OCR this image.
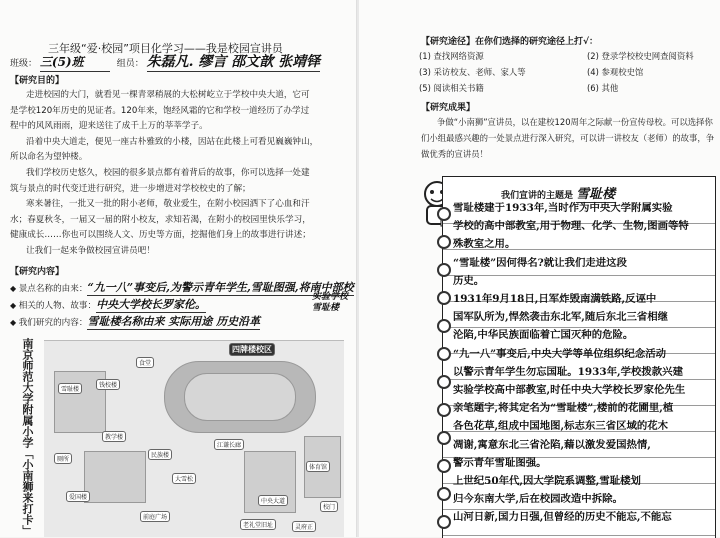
三年级“爱·校园”项目化学习——我是校园宣讲员
班级： 三(5)班	组员： 朱磊凡. 缪言 邵文歆 张靖铎
【研究目的】
走进校园的大门，就看见一棵青翠稍展的大松树屹立于学校中央大道，它可
是学校120年历史的见证者。120年来，饱经风霜的它和学校一道经历了办学过
程中的风风雨雨，迎来送往了成千上万的莘莘学子。
沿着中央大道走，便见一座古朴雅致的小楼，因站在此楼上可看见巍巍钟山，
所以命名为望钟楼。
我们学校历史悠久，校园的很多景点都有着背后的故事，你可以选择一处建
筑与景点的时代变迁进行研究，进一步增进对学校校史的了解；
寒来暑往，一批又一批的附小老师，敬业爱生，在附小校园洒下了心血和汗
水；春夏秋冬，一届又一届的附小校友，求知若渴，在附小的校园里快乐学习，
健康成长……你也可以围绕人文、历史等方面，挖掘他们身上的故事进行讲述；
让我们一起来争做校园宣讲员吧！
【研究内容】
◆ 景点名称的由来：“九一八”事变后,为警示青年学生,雪耻图强,将南中部校
◆ 相关的人物、故事：中央大学校长罗家伦。
◆ 我们研究的内容：雪耻楼名称由来 实际用途 历史沿革
实验学校雪耻楼
南京师范大学附属小学「小南狮来打卡」	雪耻楼
钱校楼
食堂
教学楼
江谦长廊
民族楼
中央大道
大雪松
老礼堂旧址	灵府正
爱国楼
厕所
前庭广场
体育馆
校门
四牌楼校区
【研究途径】在你们选择的研究途径上打√：
(1) 查找网络资源	(2) 登录学校校史网查阅资料
(3) 采访校友、老师、家人等	(4) 参观校史馆
(5) 阅读相关书籍	(6) 其他
【研究成果】
争做“小南狮”宣讲员，以在建校120周年之际献一份宣传母校。可以选择你
们小组最感兴趣的一处景点进行深入研究，可以讲一讲校友（老师）的故事，争
做优秀的宣讲员！
我们宣讲的主题是 雪耻楼
雪耻楼建于1933年,当时作为中央大学附属实验
学校的高中部教室,用于物理、化学、生物,图画等特
殊教室之用。
“雪耻楼”因何得名?就让我们走进这段
历史。
1931年9月18日,日军炸毁南满铁路,反诬中
国军队所为,悍然袭击东北军,随后东北三省相继
沦陷,中华民族面临着亡国灭种的危险。
“九一八”事变后,中央大学等单位组织纪念活动
以警示青年学生勿忘国耻。1933年,学校拨款兴建
实验学校高中部教室,时任中央大学校长罗家伦先生
亲笔题字,将其定名为“雪耻楼”,楼前的花圃里,植
各色花草,组成中国地图,标志东三省区域的花木
凋谢,寓意东北三省沦陷,藉以激发爱国热情,
警示青年雪耻图强。
上世纪50年代,因大学院系调整,雪耻楼划
归今东南大学,后在校园改造中拆除。
山河日新,国力日强,但曾经的历史不能忘,不能忘
